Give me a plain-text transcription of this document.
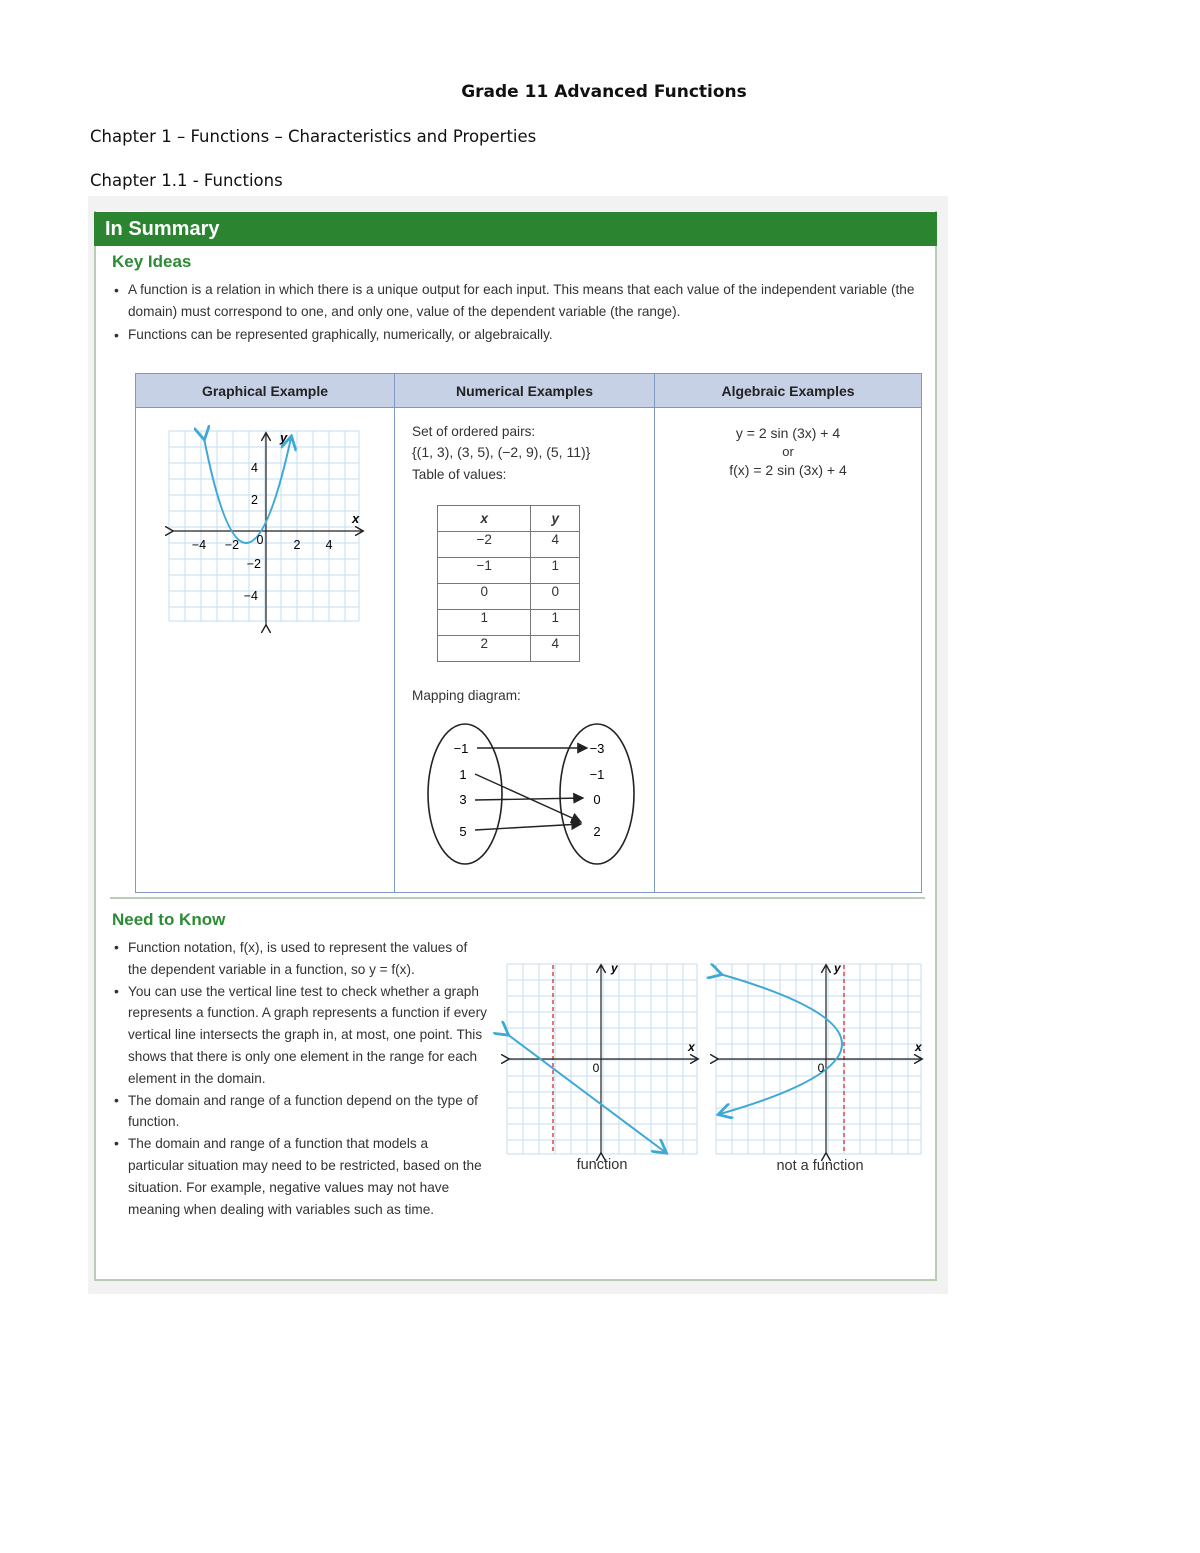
Grade 11 Advanced Functions
Chapter 1 – Functions – Characteristics and Properties
Chapter 1.1 - Functions
In Summary
Key Ideas
• A function is a relation in which there is a unique output for each input. This means that each value of the independent variable (the domain) must correspond to one, and only one, value of the dependent variable (the range).
• Functions can be represented graphically, numerically, or algebraically.
Graphical Example	Numerical Examples	Algebraic Examples

y
x
−4 −2	2 4
4
2
−2
−4
0

Set of ordered pairs:
{(1, 3), (3, 5), (−2, 9), (5, 11)}
Table of values:
x	y
−2	4
−1	1
0	0
1	1
2	4
Mapping diagram:
−1
1
3
5
−3
−1
0
2

y = 2 sin (3x) + 4
or
f(x) = 2 sin (3x) + 4
Need to Know
• Function notation, f(x), is used to represent the values of the dependent variable in a function, so y = f(x).
• You can use the vertical line test to check whether a graph represents a function. A graph represents a function if every vertical line intersects the graph in, at most, one point. This shows that there is only one element in the range for each element in the domain.
• The domain and range of a function depend on the type of function.
• The domain and range of a function that models a particular situation may need to be restricted, based on the situation. For example, negative values may not have meaning when dealing with variables such as time.
y
x
0
function
y
x
0
not a function
